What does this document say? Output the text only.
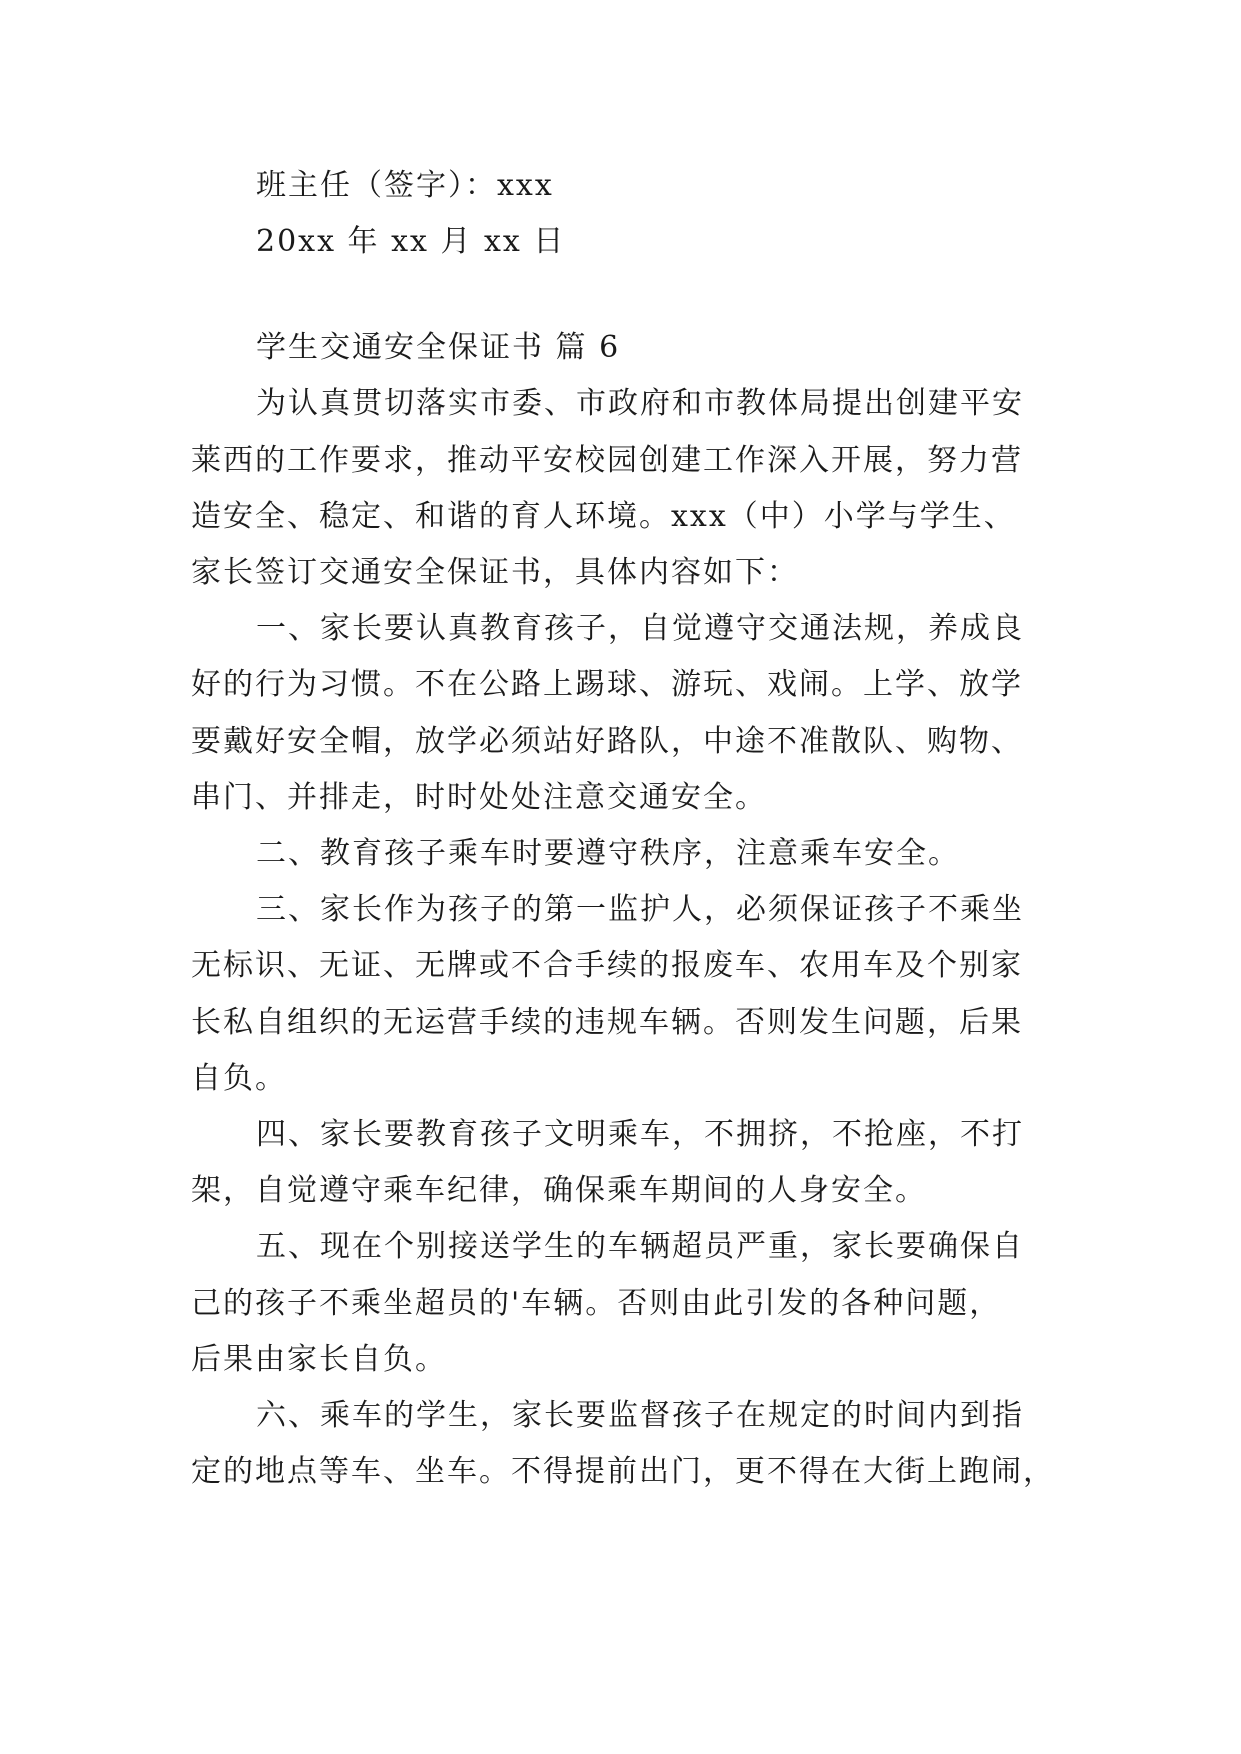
班主任（签字）：xxx
20xx 年 xx 月 xx 日
学生交通安全保证书 篇 6
为认真贯切落实市委、市政府和市教体局提出创建平安
莱西的工作要求，推动平安校园创建工作深入开展，努力营
造安全、稳定、和谐的育人环境。xxx（中）小学与学生、
家长签订交通安全保证书，具体内容如下：
一、家长要认真教育孩子，自觉遵守交通法规，养成良
好的行为习惯。不在公路上踢球、游玩、戏闹。上学、放学
要戴好安全帽，放学必须站好路队，中途不准散队、购物、
串门、并排走，时时处处注意交通安全。
二、教育孩子乘车时要遵守秩序，注意乘车安全。
三、家长作为孩子的第一监护人，必须保证孩子不乘坐
无标识、无证、无牌或不合手续的报废车、农用车及个别家
长私自组织的无运营手续的违规车辆。否则发生问题，后果
自负。
四、家长要教育孩子文明乘车，不拥挤，不抢座，不打
架，自觉遵守乘车纪律，确保乘车期间的人身安全。
五、现在个别接送学生的车辆超员严重，家长要确保自
己的孩子不乘坐超员的'车辆。否则由此引发的各种问题，
后果由家长自负。
六、乘车的学生，家长要监督孩子在规定的时间内到指
定的地点等车、坐车。不得提前出门，更不得在大街上跑闹，
